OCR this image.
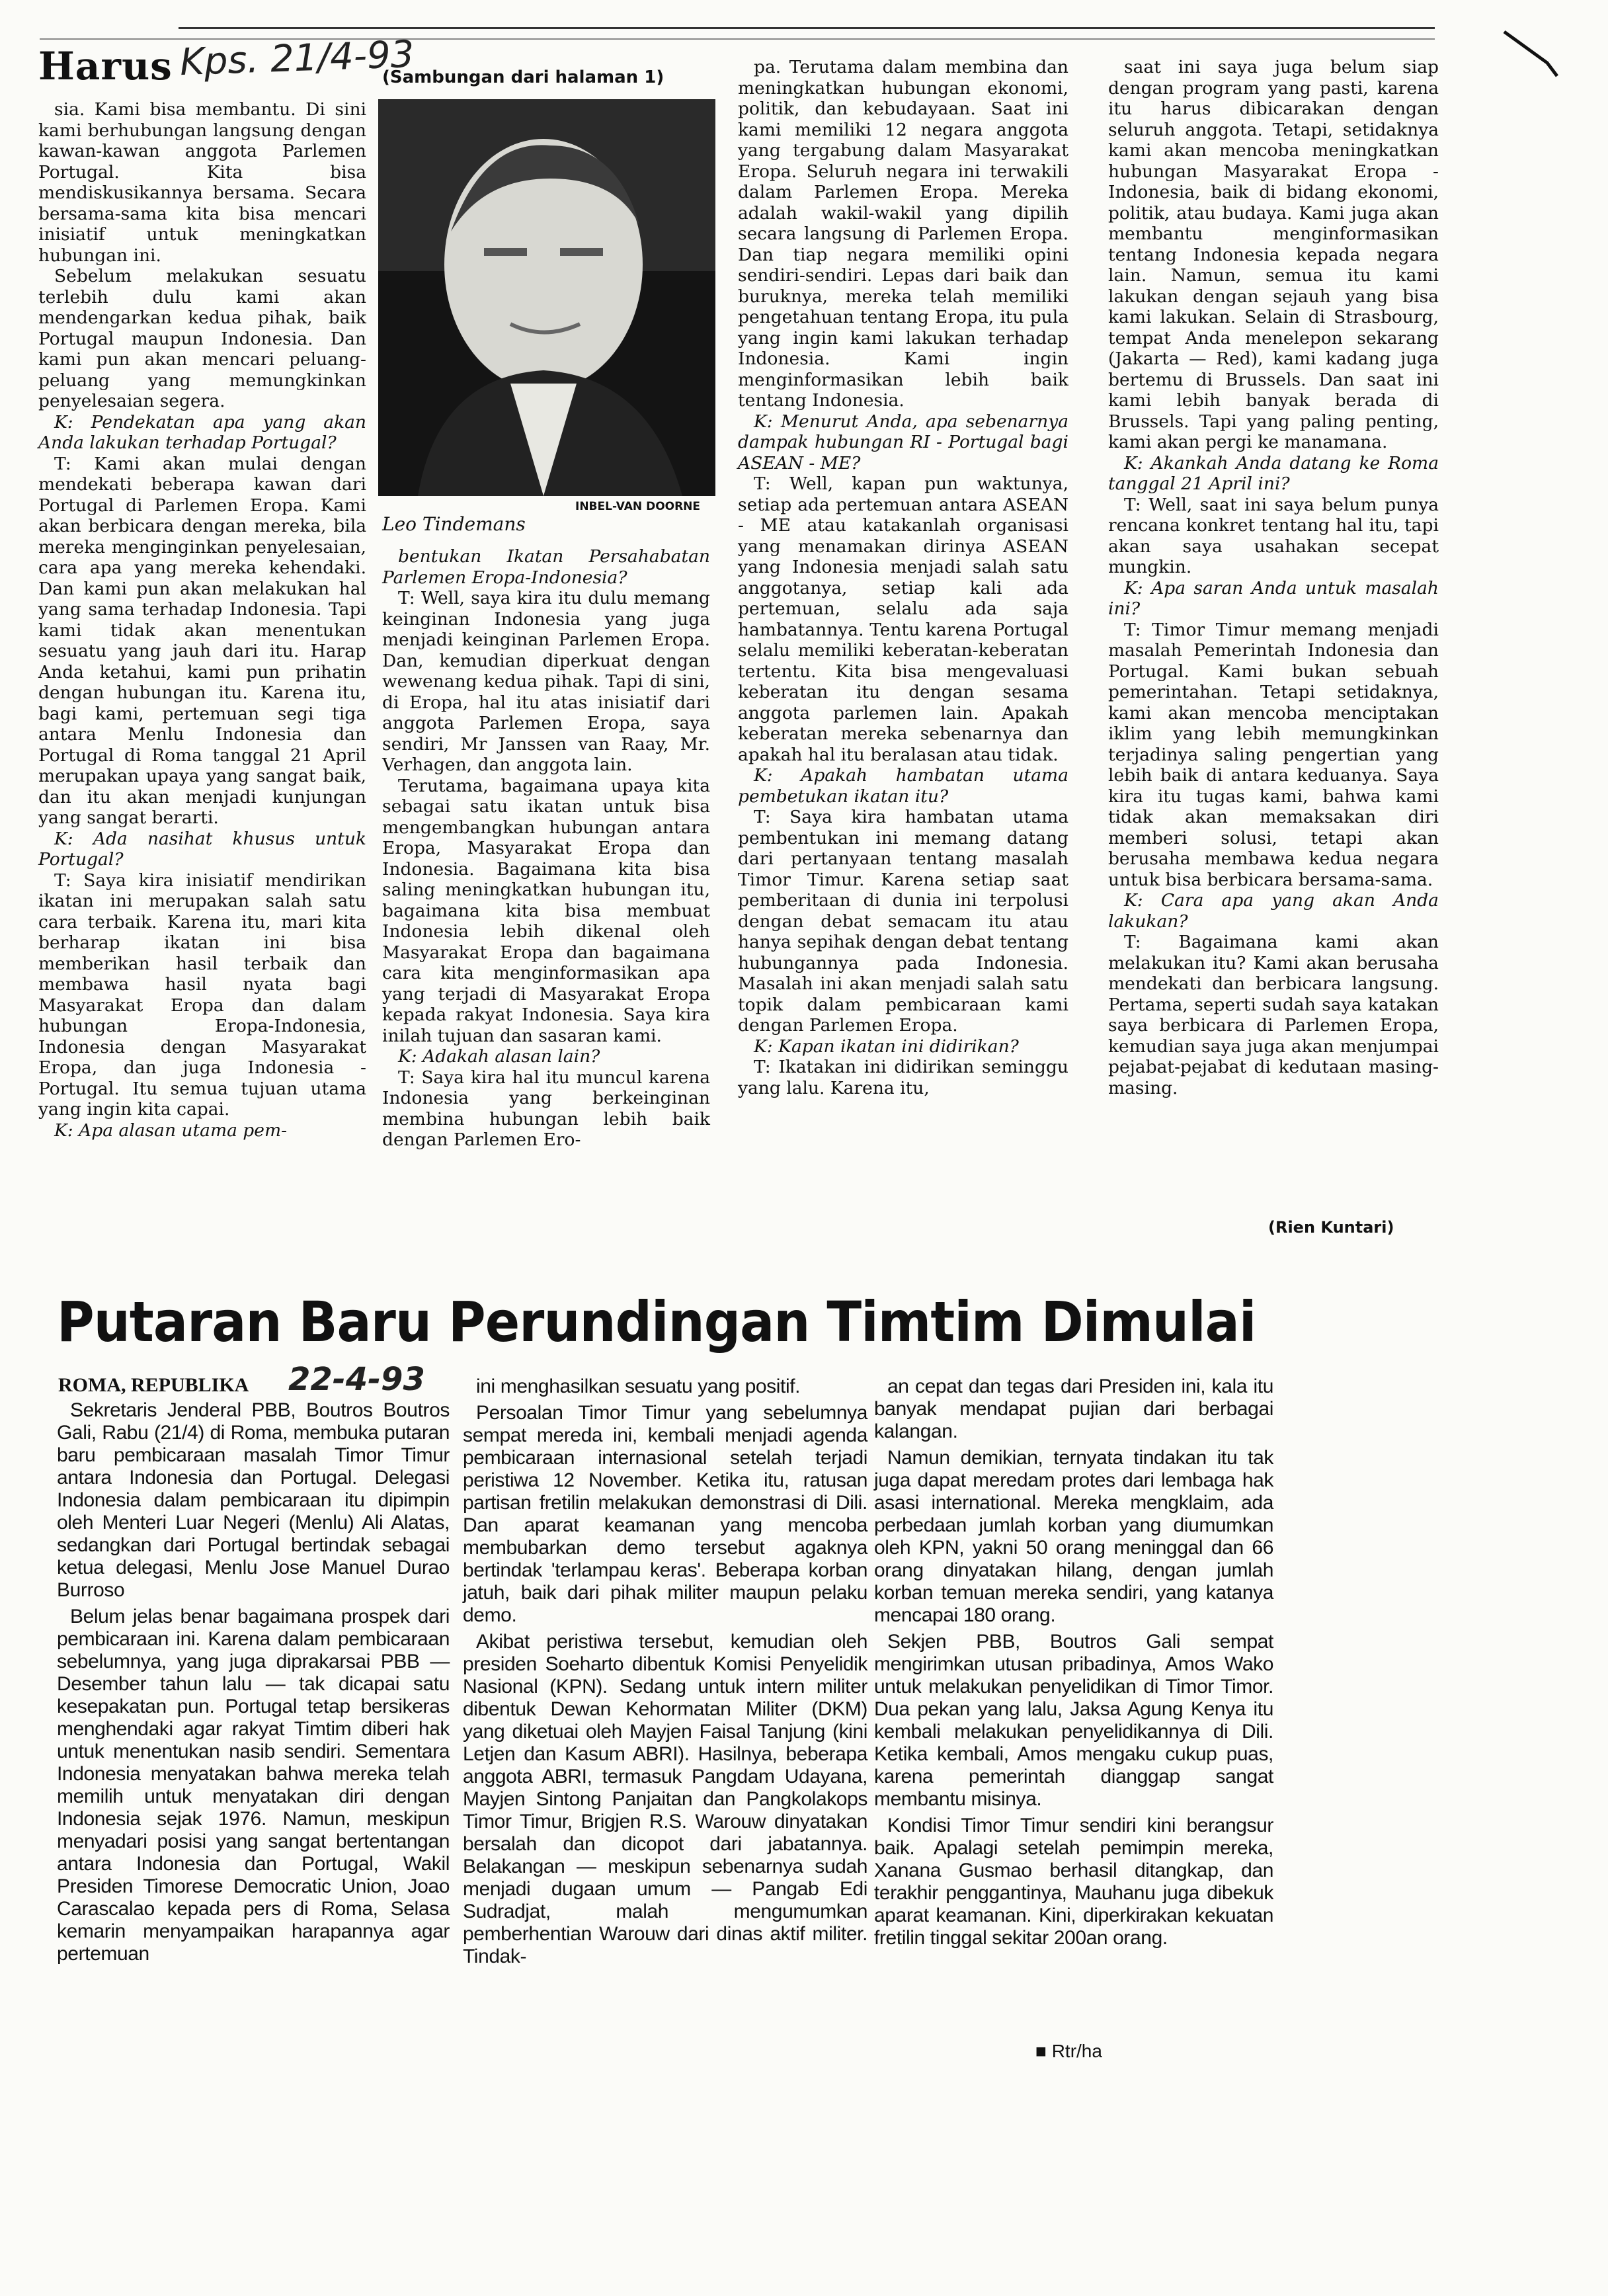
Harus Kps. 21/4-93
(Sambungan dari halaman 1)

sia. Kami bisa membantu. Di sini kami berhubungan langsung dengan kawan-kawan anggota Parlemen Portugal. Kita bisa mendiskusikannya bersama. Secara bersama-sama kita bisa mencari inisiatif untuk meningkatkan hubungan ini.

Sebelum melakukan sesuatu terlebih dulu kami akan mendengarkan kedua pihak, baik Portugal maupun Indonesia. Dan kami pun akan mencari peluang-peluang yang memungkinkan penyelesaian segera.

K: Pendekatan apa yang akan Anda lakukan terhadap Portugal?

T: Kami akan mulai dengan mendekati beberapa kawan dari Portugal di Parlemen Eropa. Kami akan berbicara dengan mereka, bila mereka menginginkan penyelesaian, cara apa yang mereka kehendaki. Dan kami pun akan melakukan hal yang sama terhadap Indonesia. Tapi kami tidak akan menentukan sesuatu yang jauh dari itu. Harap Anda ketahui, kami pun prihatin dengan hubungan itu. Karena itu, bagi kami, pertemuan segi tiga antara Menlu Indonesia dan Portugal di Roma tanggal 21 April merupakan upaya yang sangat baik, dan itu akan menjadi kunjungan yang sangat berarti.

K: Ada nasihat khusus untuk Portugal?

T: Saya kira inisiatif mendirikan ikatan ini merupakan salah satu cara terbaik. Karena itu, mari kita berharap ikatan ini bisa memberikan hasil terbaik dan membawa hasil nyata bagi Masyarakat Eropa dan dalam hubungan Eropa-Indonesia, Indonesia dengan Masyarakat Eropa, dan juga Indonesia - Portugal. Itu semua tujuan utama yang ingin kita capai.

K: Apa alasan utama pem-

INBEL-VAN DOORNE
Leo Tindemans

bentukan Ikatan Persahabatan Parlemen Eropa-Indonesia?

T: Well, saya kira itu dulu memang keinginan Indonesia yang juga menjadi keinginan Parlemen Eropa. Dan, kemudian diperkuat dengan wewenang kedua pihak. Tapi di sini, di Eropa, hal itu atas inisiatif dari anggota Parlemen Eropa, saya sendiri, Mr Janssen van Raay, Mr. Verhagen, dan anggota lain.

Terutama, bagaimana upaya kita sebagai satu ikatan untuk bisa mengembangkan hubungan antara Eropa, Masyarakat Eropa dan Indonesia. Bagaimana kita bisa saling meningkatkan hubungan itu, bagaimana kita bisa membuat Indonesia lebih dikenal oleh Masyarakat Eropa dan bagaimana cara kita menginformasikan apa yang terjadi di Masyarakat Eropa kepada rakyat Indonesia. Saya kira inilah tujuan dan sasaran kami.

K: Adakah alasan lain?

T: Saya kira hal itu muncul karena Indonesia yang berkeinginan membina hubungan lebih baik dengan Parlemen Ero-

pa. Terutama dalam membina dan meningkatkan hubungan ekonomi, politik, dan kebudayaan. Saat ini kami memiliki 12 negara anggota yang tergabung dalam Masyarakat Eropa. Seluruh negara ini terwakili dalam Parlemen Eropa. Mereka adalah wakil-wakil yang dipilih secara langsung di Parlemen Eropa. Dan tiap negara memiliki opini sendiri-sendiri. Lepas dari baik dan buruknya, mereka telah memiliki pengetahuan tentang Eropa, itu pula yang ingin kami lakukan terhadap Indonesia. Kami ingin menginformasikan lebih baik tentang Indonesia.

K: Menurut Anda, apa sebenarnya dampak hubungan RI - Portugal bagi ASEAN - ME?

T: Well, kapan pun waktunya, setiap ada pertemuan antara ASEAN - ME atau katakanlah organisasi yang menamakan dirinya ASEAN yang Indonesia menjadi salah satu anggotanya, setiap kali ada pertemuan, selalu ada saja hambatannya. Tentu karena Portugal selalu memiliki keberatan-keberatan tertentu. Kita bisa mengevaluasi keberatan itu dengan sesama anggota parlemen lain. Apakah keberatan mereka sebenarnya dan apakah hal itu beralasan atau tidak.

K: Apakah hambatan utama pembetukan ikatan itu?

T: Saya kira hambatan utama pembentukan ini memang datang dari pertanyaan tentang masalah Timor Timur. Karena setiap saat pemberitaan di dunia ini terpolusi dengan debat semacam itu atau hanya sepihak dengan debat tentang hubungannya pada Indonesia. Masalah ini akan menjadi salah satu topik dalam pembicaraan kami dengan Parlemen Eropa.

K: Kapan ikatan ini didirikan?

T: Ikatakan ini didirikan seminggu yang lalu. Karena itu,

saat ini saya juga belum siap dengan program yang pasti, karena itu harus dibicarakan dengan seluruh anggota. Tetapi, setidaknya kami akan mencoba meningkatkan hubungan Masyarakat Eropa - Indonesia, baik di bidang ekonomi, politik, atau budaya. Kami juga akan membantu menginformasikan tentang Indonesia kepada negara lain. Namun, semua itu kami lakukan dengan sejauh yang bisa kami lakukan. Selain di Strasbourg, tempat Anda menelepon sekarang (Jakarta — Red), kami kadang juga bertemu di Brussels. Dan saat ini kami lebih banyak berada di Brussels. Tapi yang paling penting, kami akan pergi ke manamana.

K: Akankah Anda datang ke Roma tanggal 21 April ini?

T: Well, saat ini saya belum punya rencana konkret tentang hal itu, tapi akan saya usahakan secepat mungkin.

K: Apa saran Anda untuk masalah ini?

T: Timor Timur memang menjadi masalah Pemerintah Indonesia dan Portugal. Kami bukan sebuah pemerintahan. Tetapi setidaknya, kami akan mencoba menciptakan iklim yang lebih memungkinkan terjadinya saling pengertian yang lebih baik di antara keduanya. Saya kira itu tugas kami, bahwa kami tidak akan memaksakan diri memberi solusi, tetapi akan berusaha membawa kedua negara untuk bisa berbicara bersama-sama.

K: Cara apa yang akan Anda lakukan?

T: Bagaimana kami akan melakukan itu? Kami akan berusaha mendekati dan berbicara langsung. Pertama, seperti sudah saya katakan saya berbicara di Parlemen Eropa, kemudian saya juga akan menjumpai pejabat-pejabat di kedutaan masing-masing.

(Rien Kuntari)
Putaran Baru Perundingan Timtim Dimulai
ROMA, REPUBLIKA 22-4-93

Sekretaris Jenderal PBB, Boutros Boutros Gali, Rabu (21/4) di Roma, membuka putaran baru pembicaraan masalah Timor Timur antara Indonesia dan Portugal. Delegasi Indonesia dalam pembicaraan itu dipimpin oleh Menteri Luar Negeri (Menlu) Ali Alatas, sedangkan dari Portugal bertindak sebagai ketua delegasi, Menlu Jose Manuel Durao Burroso

Belum jelas benar bagaimana prospek dari pembicaraan ini. Karena dalam pembicaraan sebelumnya, yang juga diprakarsai PBB — Desember tahun lalu — tak dicapai satu kesepakatan pun. Portugal tetap bersikeras menghendaki agar rakyat Timtim diberi hak untuk menentukan nasib sendiri. Sementara Indonesia menyatakan bahwa mereka telah memilih untuk menyatakan diri dengan Indonesia sejak 1976. Namun, meskipun menyadari posisi yang sangat bertentangan antara Indonesia dan Portugal, Wakil Presiden Timorese Democratic Union, Joao Carascalao kepada pers di Roma, Selasa kemarin menyampaikan harapannya agar pertemuan

ini menghasilkan sesuatu yang positif.

Persoalan Timor Timur yang sebelumnya sempat mereda ini, kembali menjadi agenda pembicaraan internasional setelah terjadi peristiwa 12 November. Ketika itu, ratusan partisan fretilin melakukan demonstrasi di Dili. Dan aparat keamanan yang mencoba membubarkan demo tersebut agaknya bertindak 'terlampau keras'. Beberapa korban jatuh, baik dari pihak militer maupun pelaku demo.

Akibat peristiwa tersebut, kemudian oleh presiden Soeharto dibentuk Komisi Penyelidik Nasional (KPN). Sedang untuk intern militer dibentuk Dewan Kehormatan Militer (DKM) yang diketuai oleh Mayjen Faisal Tanjung (kini Letjen dan Kasum ABRI). Hasilnya, beberapa anggota ABRI, termasuk Pangdam Udayana, Mayjen Sintong Panjaitan dan Pangkolakops Timor Timur, Brigjen R.S. Warouw dinyatakan bersalah dan dicopot dari jabatannya. Belakangan — meskipun sebenarnya sudah menjadi dugaan umum — Pangab Edi Sudradjat, malah mengumumkan pemberhentian Warouw dari dinas aktif militer. Tindak-

an cepat dan tegas dari Presiden ini, kala itu banyak mendapat pujian dari berbagai kalangan.

Namun demikian, ternyata tindakan itu tak juga dapat meredam protes dari lembaga hak asasi international. Mereka mengklaim, ada perbedaan jumlah korban yang diumumkan oleh KPN, yakni 50 orang meninggal dan 66 orang dinyatakan hilang, dengan jumlah korban temuan mereka sendiri, yang katanya mencapai 180 orang.

Sekjen PBB, Boutros Gali sempat mengirimkan utusan pribadinya, Amos Wako untuk melakukan penyelidikan di Timor Timor. Dua pekan yang lalu, Jaksa Agung Kenya itu kembali melakukan penyelidikannya di Dili. Ketika kembali, Amos mengaku cukup puas, karena pemerintah dianggap sangat membantu misinya.

Kondisi Timor Timur sendiri kini berangsur baik. Apalagi setelah pemimpin mereka, Xanana Gusmao berhasil ditangkap, dan terakhir penggantinya, Mauhanu juga dibekuk aparat keamanan. Kini, diperkirakan kekuatan fretilin tinggal sekitar 200an orang.

■ Rtr/ha
